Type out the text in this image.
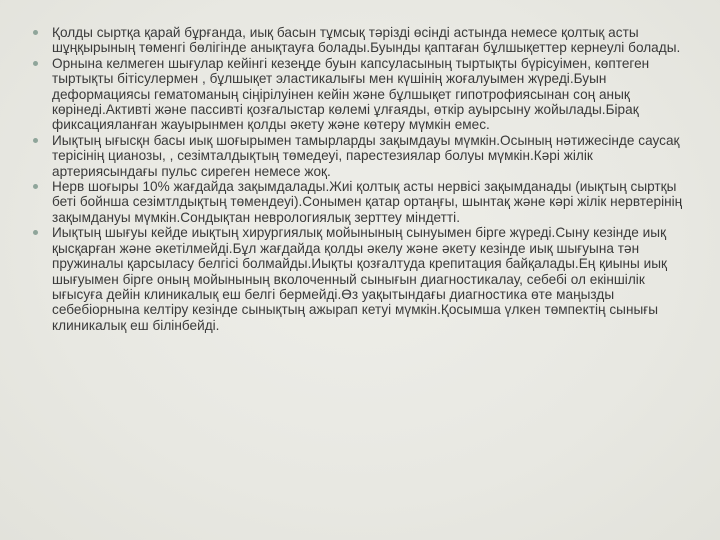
Қолды сыртқа қарай бұрғанда, иық басын тұмсық тәрізді өсінді астында немесе қолтық асты шұңқырының төменгі бөлігінде анықтауға болады.Буынды қаптаған бұлшықеттер кернеулі болады.
Орнына келмеген шығулар кейінгі кезеңде буын капсуласының тыртықты бүрісуімен, көптеген тыртықты бітісулермен , бұлшықет эластикалығы мен күшінің жоғалуымен жүреді.Буын деформациясы гематоманың сіңірілуінен кейін және бұлшықет гипотрофиясынан соң анық көрінеді.Активті және пассивті қозғалыстар көлемі ұлғаяды, өткір ауырсыну жойылады.Бірақ фиксацияланған жауырынмен қолды әкету және көтеру мүмкін емес.
Иықтың ығысқн басы иық шоғырымен тамырларды зақымдауы мүмкін.Осының нәтижесінде саусақ терісінің цианозы, , сезімталдықтың төмедеуі, парестезиялар болуы мүмкін.Кәрі жілік артериясындағы пульс сиреген немесе жоқ.
Нерв шоғыры 10% жағдайда зақымдалады.Жиі қолтық асты нервісі зақымданады (иықтың сыртқы беті бойнша сезімтлдықтың төмендеуі).Сонымен қатар ортаңғы, шынтақ және кәрі жілік нервтерінің зақымдануы мүмкін.Сондықтан неврологиялық зерттеу міндетті.
Иықтың шығуы кейде иықтың хирургиялық мойынының сынуымен бірге жүреді.Сыну кезінде иық қысқарған және әкетілмейді.Бұл жағдайда қолды әкелу және әкету кезінде иық шығуына тән пружиналы қарсыласу белгісі болмайды.Иықты қозғалтуда крепитация байқалады.Ең қиыны иық шығуымен бірге оның мойынының вколоченный сынығын диагностикалау, себебі ол екіншілік ығысуға дейін клиникалық еш белгі бермейді.Өз уақытындағы диагностика өте маңызды себебіорнына келтіру кезінде сынықтың ажырап кетуі мүмкін.Қосымша үлкен төмпектің сынығы клиникалық еш білінбейді.
